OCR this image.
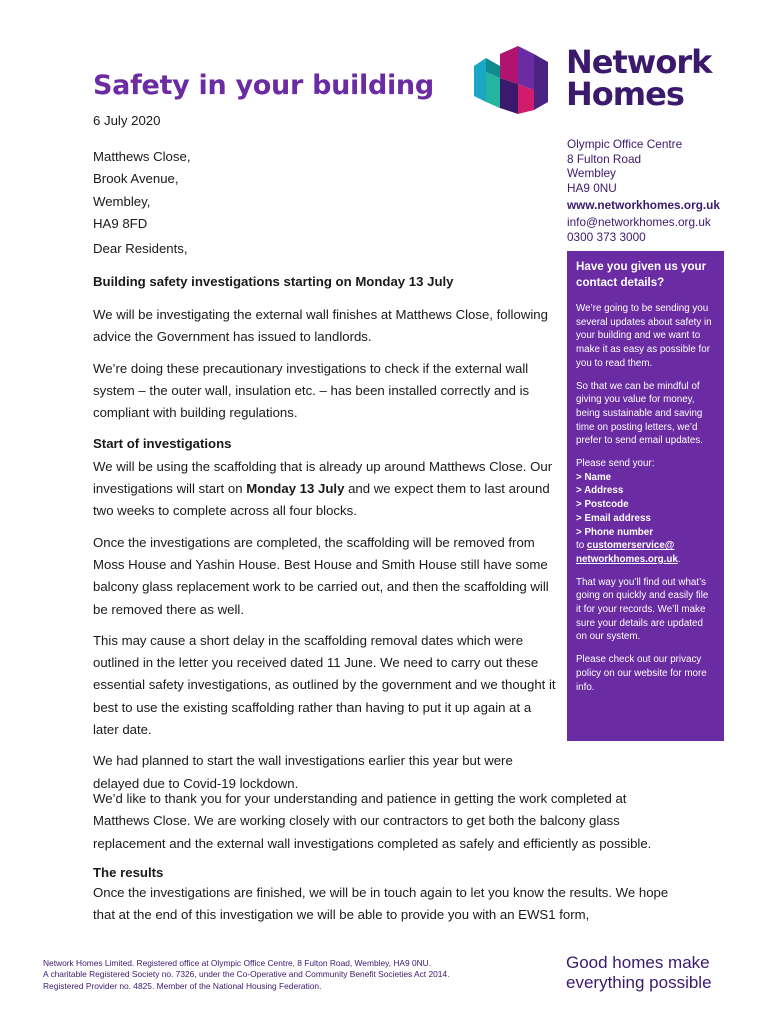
Safety in your building
6 July 2020
Matthews Close,
Brook Avenue,
Wembley,
HA9 8FD
Dear Residents,
Building safety investigations starting on Monday 13 July

We will be investigating the external wall finishes at Matthews Close, following advice the Government has issued to landlords.

We’re doing these precautionary investigations to check if the external wall system – the outer wall, insulation etc. – has been installed correctly and is compliant with building regulations.

Start of investigations

We will be using the scaffolding that is already up around Matthews Close. Our investigations will start on Monday 13 July and we expect them to last around two weeks to complete across all four blocks.

Once the investigations are completed, the scaffolding will be removed from Moss House and Yashin House. Best House and Smith House still have some balcony glass replacement work to be carried out, and then the scaffolding will be removed there as well.

This may cause a short delay in the scaffolding removal dates which were outlined in the letter you received dated 11 June. We need to carry out these essential safety investigations, as outlined by the government and we thought it best to use the existing scaffolding rather than having to put it up again at a later date.

We had planned to start the wall investigations earlier this year but were delayed due to Covid-19 lockdown.

We’d like to thank you for your understanding and patience in getting the work completed at Matthews Close. We are working closely with our contractors to get both the balcony glass replacement and the external wall investigations completed as safely and efficiently as possible.

The results

Once the investigations are finished, we will be in touch again to let you know the results. We hope that at the end of this investigation we will be able to provide you with an EWS1 form,

Network
Homes
Olympic Office Centre
8 Fulton Road
Wembley
HA9 0NU
www.networkhomes.org.uk
info@networkhomes.org.uk
0300 373 3000
Have you given us your contact details?

We’re going to be sending you several updates about safety in your building and we want to make it as easy as possible for you to read them.

So that we can be mindful of giving you value for money, being sustainable and saving time on posting letters, we’d prefer to send email updates.

Please send your:
> Name
> Address
> Postcode
> Email address
> Phone number
to customerservice@
networkhomes.org.uk.

That way you’ll find out what’s going on quickly and easily file it for your records. We’ll make sure your details are updated on our system.

Please check out our privacy policy on our website for more info.

Network Homes Limited. Registered office at Olympic Office Centre, 8 Fulton Road, Wembley, HA9 0NU.
A charitable Registered Society no. 7326, under the Co-Operative and Community Benefit Societies Act 2014.
Registered Provider no. 4825. Member of the National Housing Federation.
Good homes make
everything possible
